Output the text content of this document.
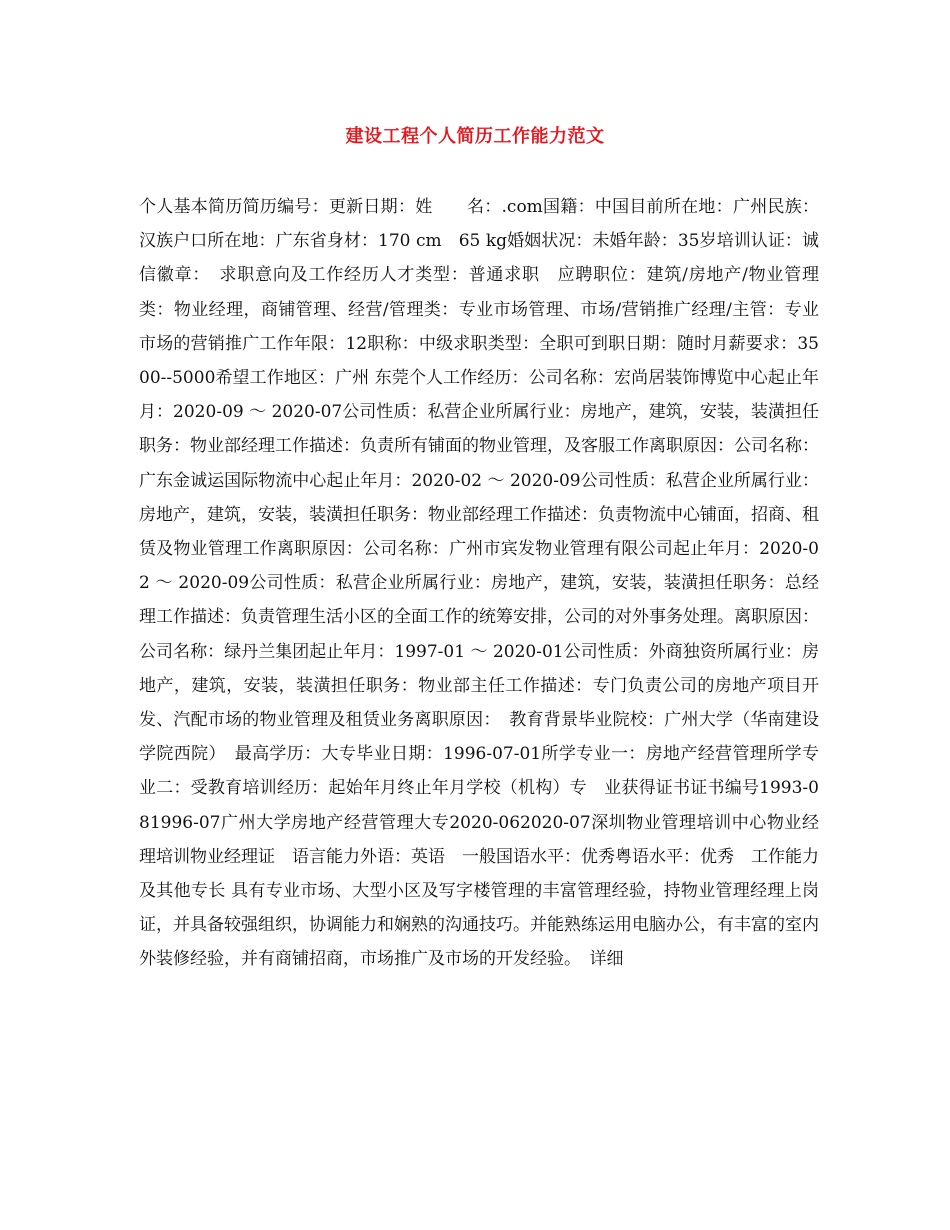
建设工程个人简历工作能力范文

个人基本简历简历编号：更新日期：姓　　名：.com国籍：中国目前所在地：广州民族：汉族户口所在地：广东省身材：170 cm　65 kg婚姻状况：未婚年龄：35岁培训认证：诚信徽章：　求职意向及工作经历人才类型：普通求职　应聘职位：建筑/房地产/物业管理类：物业经理，商铺管理、经营/管理类：专业市场管理、市场/营销推广经理/主管：专业市场的营销推广工作年限：12职称：中级求职类型：全职可到职日期：随时月薪要求：3500--5000希望工作地区：广州 东莞个人工作经历：公司名称：宏尚居装饰博览中心起止年月：2020-09 ～ 2020-07公司性质：私营企业所属行业：房地产，建筑，安装，装潢担任职务：物业部经理工作描述：负责所有铺面的物业管理，及客服工作离职原因：公司名称：广东金诚运国际物流中心起止年月：2020-02 ～ 2020-09公司性质：私营企业所属行业：房地产，建筑，安装，装潢担任职务：物业部经理工作描述：负责物流中心铺面，招商、租赁及物业管理工作离职原因：公司名称：广州市宾发物业管理有限公司起止年月：2020-02 ～ 2020-09公司性质：私营企业所属行业：房地产，建筑，安装，装潢担任职务：总经理工作描述：负责管理生活小区的全面工作的统筹安排，公司的对外事务处理。离职原因：公司名称：绿丹兰集团起止年月：1997-01 ～ 2020-01公司性质：外商独资所属行业：房地产，建筑，安装，装潢担任职务：物业部主任工作描述：专门负责公司的房地产项目开发、汽配市场的物业管理及租赁业务离职原因：　教育背景毕业院校：广州大学（华南建设学院西院）　最高学历：大专毕业日期：1996-07-01所学专业一：房地产经营管理所学专业二：受教育培训经历：起始年月终止年月学校（机构）专　业获得证书证书编号1993-081996-07广州大学房地产经营管理大专2020-062020-07深圳物业管理培训中心物业经理培训物业经理证　语言能力外语：英语　一般国语水平：优秀粤语水平：优秀　工作能力及其他专长 具有专业市场、大型小区及写字楼管理的丰富管理经验，持物业管理经理上岗证，并具备较强组织，协调能力和娴熟的沟通技巧。并能熟练运用电脑办公，有丰富的室内外装修经验，并有商铺招商，市场推广及市场的开发经验。　详细
